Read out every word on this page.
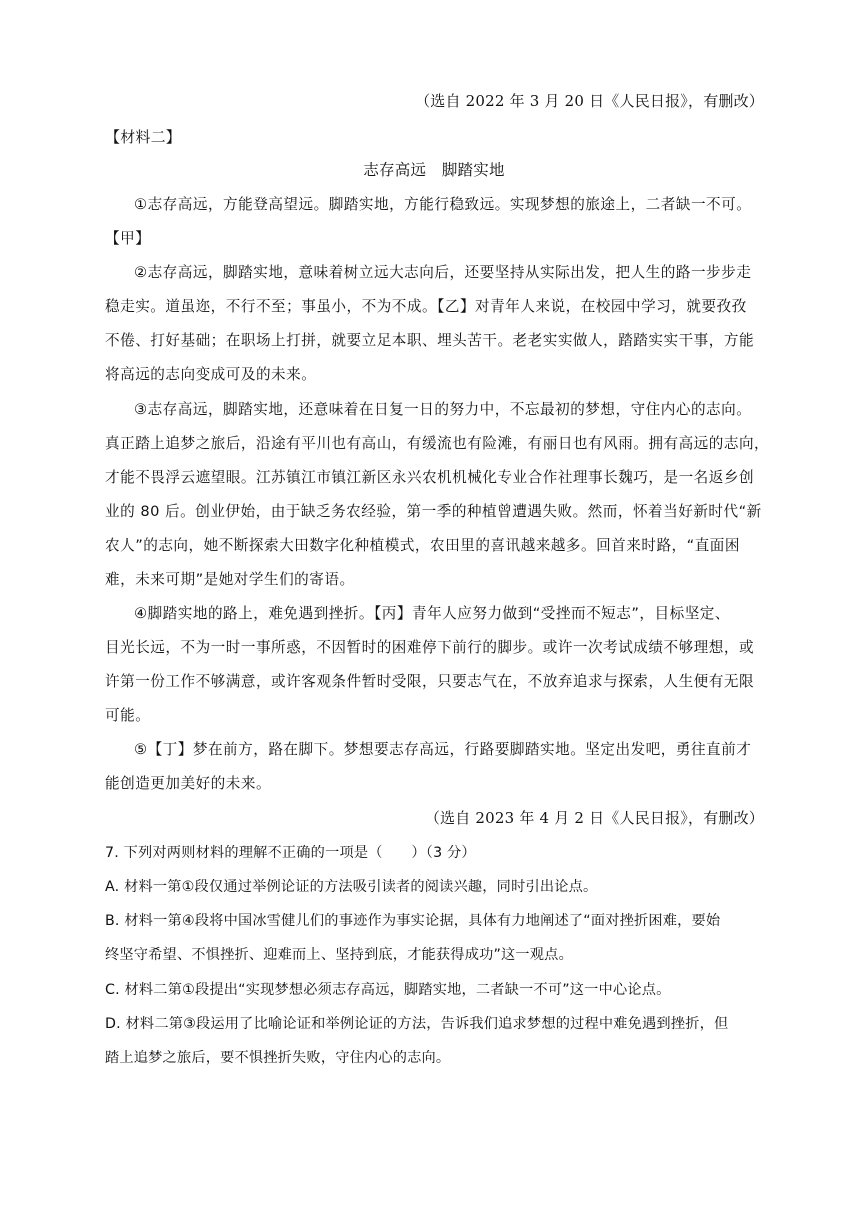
（选自 2022 年 3 月 20 日《人民日报》，有删改）
【材料二】
志存高远　脚踏实地
①志存高远，方能登高望远。脚踏实地，方能行稳致远。实现梦想的旅途上，二者缺一不可。
【甲】
②志存高远，脚踏实地，意味着树立远大志向后，还要坚持从实际出发，把人生的路一步步走
稳走实。道虽迩，不行不至；事虽小，不为不成。【乙】对青年人来说，在校园中学习，就要孜孜
不倦、打好基础；在职场上打拼，就要立足本职、埋头苦干。老老实实做人，踏踏实实干事，方能
将高远的志向变成可及的未来。
③志存高远，脚踏实地，还意味着在日复一日的努力中，不忘最初的梦想，守住内心的志向。
真正踏上追梦之旅后，沿途有平川也有高山，有缓流也有险滩，有丽日也有风雨。拥有高远的志向，
才能不畏浮云遮望眼。江苏镇江市镇江新区永兴农机机械化专业合作社理事长魏巧，是一名返乡创
业的 80 后。创业伊始，由于缺乏务农经验，第一季的种植曾遭遇失败。然而，怀着当好新时代“新
农人”的志向，她不断探索大田数字化种植模式，农田里的喜讯越来越多。回首来时路，“直面困
难，未来可期”是她对学生们的寄语。
④脚踏实地的路上，难免遇到挫折。【丙】青年人应努力做到“受挫而不短志”，目标坚定、
目光长远，不为一时一事所惑，不因暂时的困难停下前行的脚步。或许一次考试成绩不够理想，或
许第一份工作不够满意，或许客观条件暂时受限，只要志气在，不放弃追求与探索，人生便有无限
可能。
⑤【丁】梦在前方，路在脚下。梦想要志存高远，行路要脚踏实地。坚定出发吧，勇往直前才
能创造更加美好的未来。
（选自 2023 年 4 月 2 日《人民日报》，有删改）
7. 下列对两则材料的理解不正确的一项是（　　）（3 分）
A. 材料一第①段仅通过举例论证的方法吸引读者的阅读兴趣，同时引出论点。
B. 材料一第④段将中国冰雪健儿们的事迹作为事实论据，具体有力地阐述了“面对挫折困难，要始
终坚守希望、不惧挫折、迎难而上、坚持到底，才能获得成功”这一观点。
C. 材料二第①段提出“实现梦想必须志存高远，脚踏实地，二者缺一不可”这一中心论点。
D. 材料二第③段运用了比喻论证和举例论证的方法，告诉我们追求梦想的过程中难免遇到挫折，但
踏上追梦之旅后，要不惧挫折失败，守住内心的志向。
